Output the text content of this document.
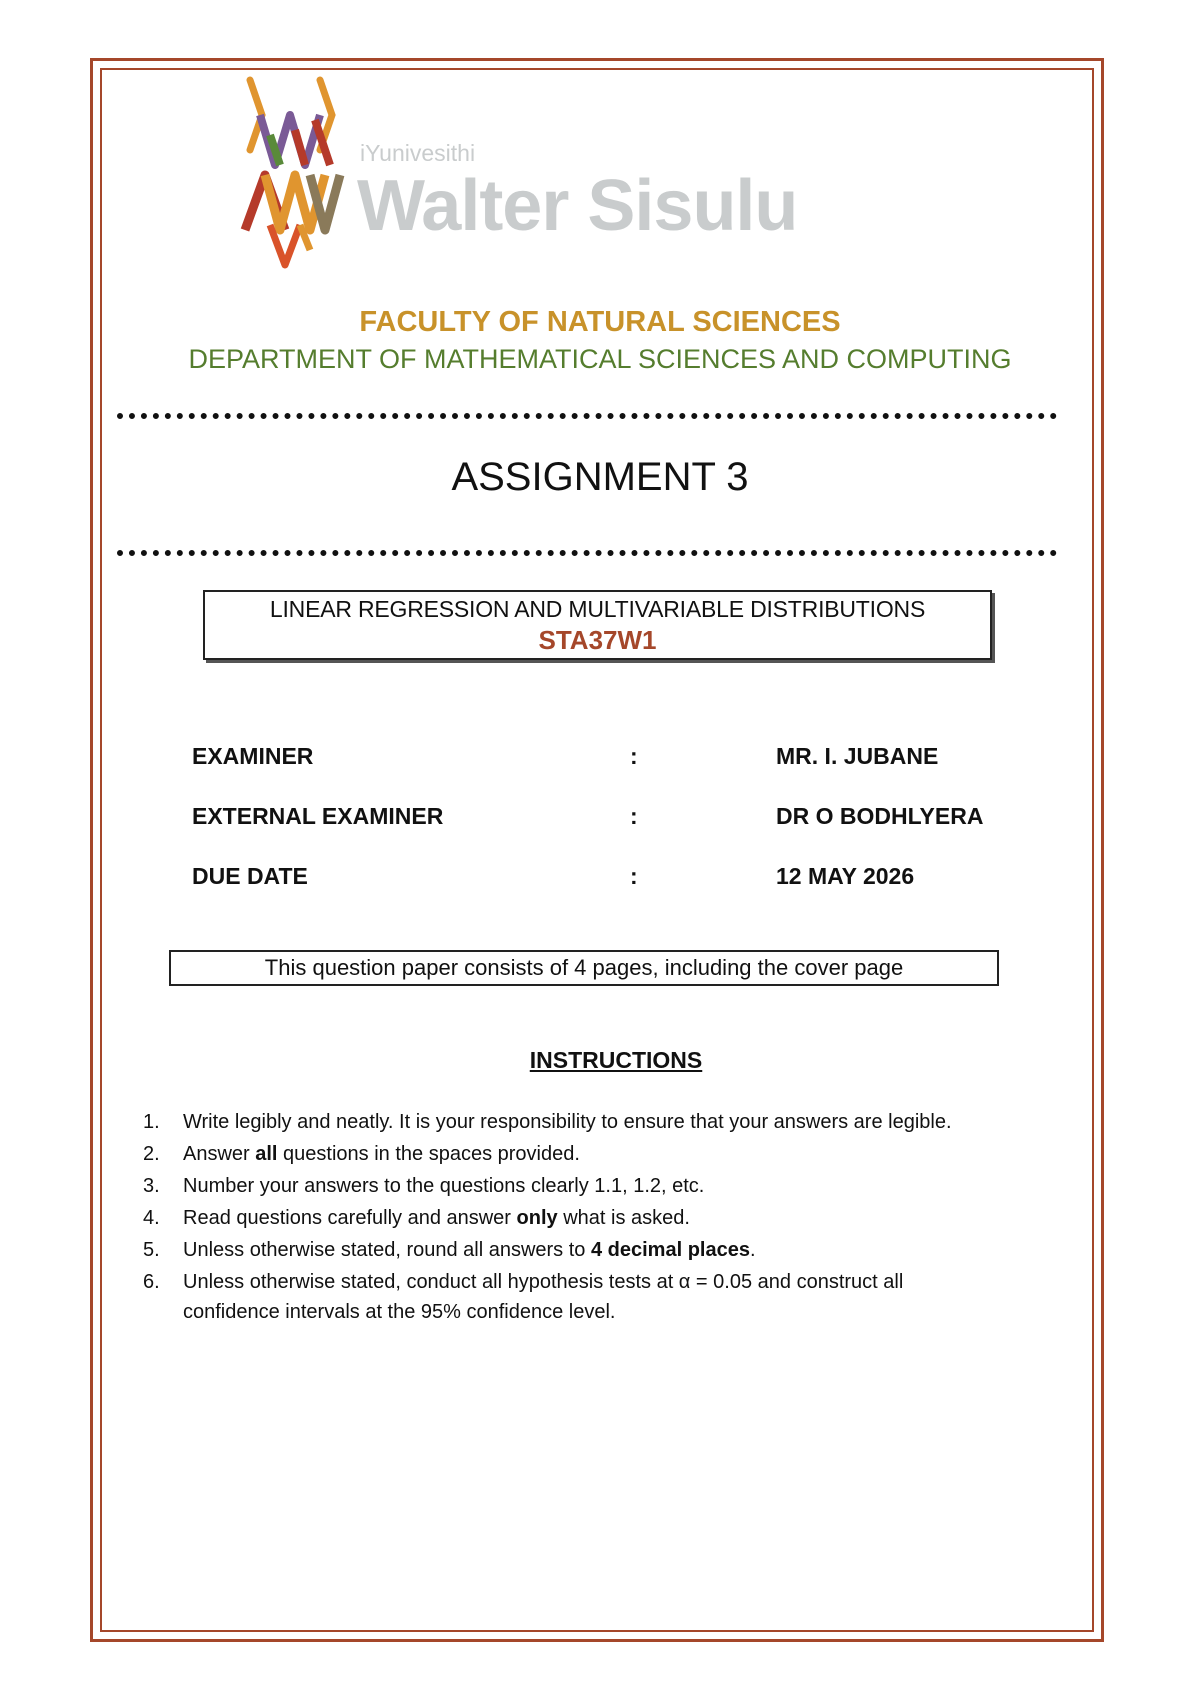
iYunivesithi
Walter Sisulu
FACULTY OF NATURAL SCIENCES
DEPARTMENT OF MATHEMATICAL SCIENCES AND COMPUTING
ASSIGNMENT 3
LINEAR REGRESSION AND MULTIVARIABLE DISTRIBUTIONS
STA37W1
EXAMINER	:	MR. I. JUBANE
EXTERNAL EXAMINER	:	DR O BODHLYERA
DUE DATE	:	12 MAY 2026
This question paper consists of 4 pages, including the cover page
INSTRUCTIONS
1. Write legibly and neatly. It is your responsibility to ensure that your answers are legible.
2. Answer all questions in the spaces provided.
3. Number your answers to the questions clearly 1.1, 1.2, etc.
4. Read questions carefully and answer only what is asked.
5. Unless otherwise stated, round all answers to 4 decimal places.
6. Unless otherwise stated, conduct all hypothesis tests at α = 0.05 and construct all
confidence intervals at the 95% confidence level.
